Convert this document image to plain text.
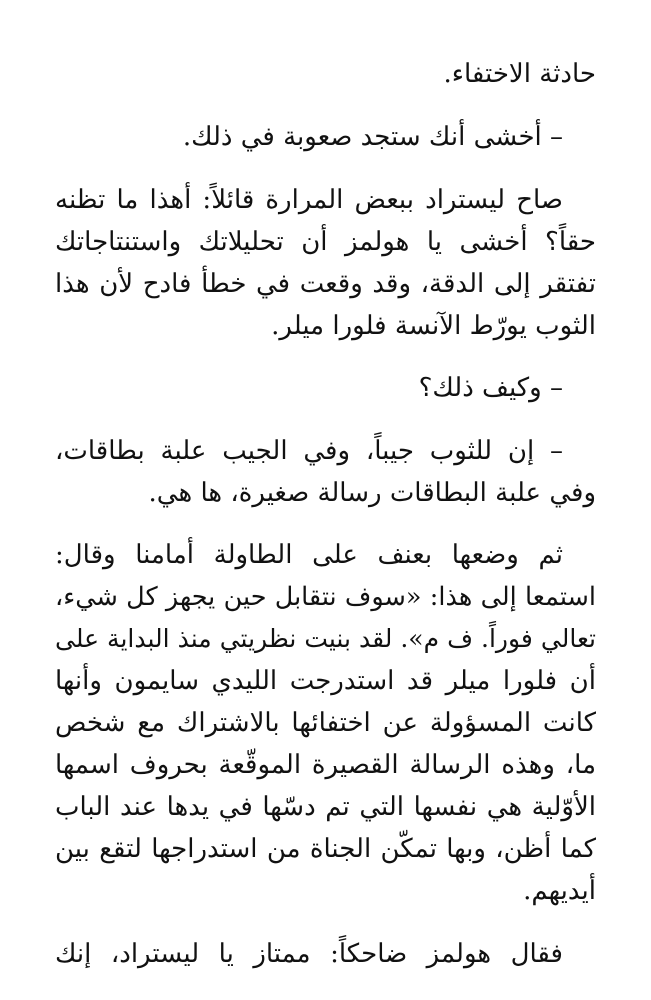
حادثة الاختفاء.
– أخشى أنك ستجد صعوبة في ذلك.
صاح ليستراد ببعض المرارة قائلاً: أهذا ما تظنه
حقاً؟ أخشى يا هولمز أن تحليلاتك واستنتاجاتك
تفتقر إلى الدقة، وقد وقعت في خطأ فادح لأن هذا
الثوب يورّط الآنسة فلورا ميلر.
– وكيف ذلك؟
– إن للثوب جيباً، وفي الجيب علبة بطاقات،
وفي علبة البطاقات رسالة صغيرة، ها هي.
ثم وضعها بعنف على الطاولة أمامنا وقال:
استمعا إلى هذا: «سوف نتقابل حين يجهز كل شيء،
تعالي فوراً. ف م». لقد بنيت نظريتي منذ البداية على
أن فلورا ميلر قد استدرجت الليدي سايمون وأنها
كانت المسؤولة عن اختفائها بالاشتراك مع شخص
ما، وهذه الرسالة القصيرة الموقّعة بحروف اسمها
الأوّلية هي نفسها التي تم دسّها في يدها عند الباب
كما أظن، وبها تمكّن الجناة من استدراجها لتقع بين
أيديهم.
فقال هولمز ضاحكاً: ممتاز يا ليستراد، إنك
